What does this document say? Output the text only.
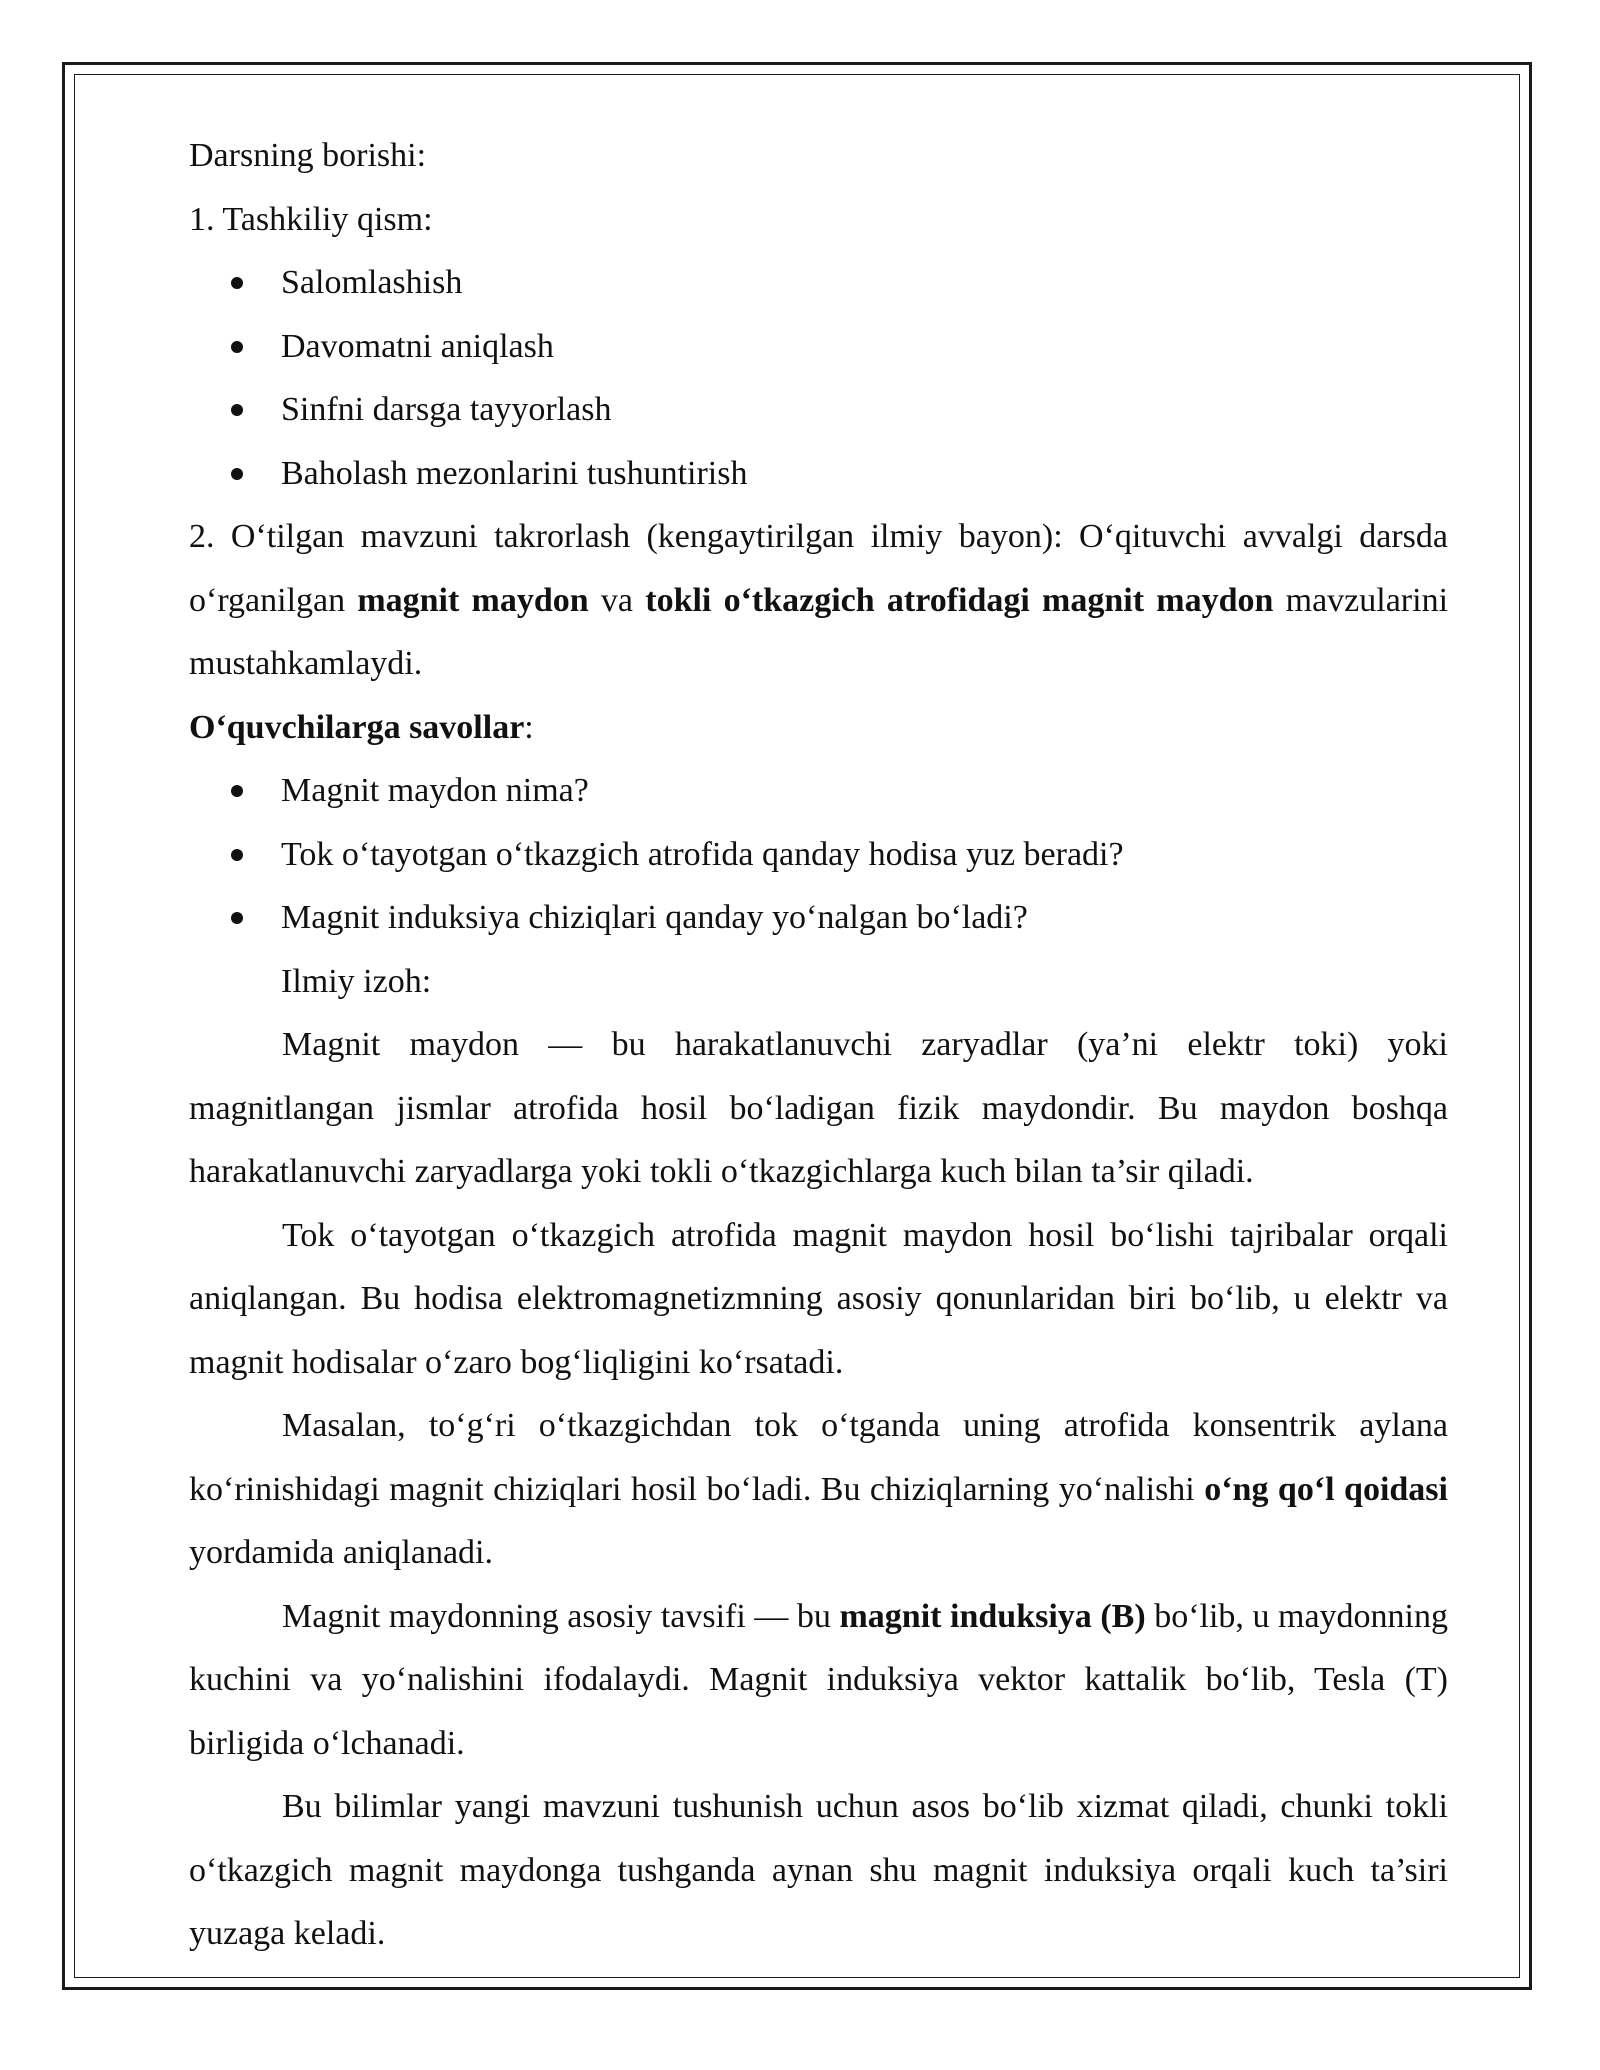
Darsning borishi:

1. Tashkiliy qism:

Salomlashish
Davomatni aniqlash
Sinfni darsga tayyorlash
Baholash mezonlarini tushuntirish

2. O‘tilgan mavzuni takrorlash (kengaytirilgan ilmiy bayon): O‘qituvchi avvalgi darsda o‘rganilgan magnit maydon va tokli o‘tkazgich atrofidagi magnit maydon mavzularini mustahkamlaydi.

O‘quvchilarga savollar:

Magnit maydon nima?
Tok o‘tayotgan o‘tkazgich atrofida qanday hodisa yuz beradi?
Magnit induksiya chiziqlari qanday yo‘nalgan bo‘ladi?

Ilmiy izoh:

Magnit maydon — bu harakatlanuvchi zaryadlar (ya’ni elektr toki) yoki magnitlangan jismlar atrofida hosil bo‘ladigan fizik maydondir. Bu maydon boshqa harakatlanuvchi zaryadlarga yoki tokli o‘tkazgichlarga kuch bilan ta’sir qiladi.

Tok o‘tayotgan o‘tkazgich atrofida magnit maydon hosil bo‘lishi tajribalar orqali aniqlangan. Bu hodisa elektromagnetizmning asosiy qonunlaridan biri bo‘lib, u elektr va magnit hodisalar o‘zaro bog‘liqligini ko‘rsatadi.

Masalan, to‘g‘ri o‘tkazgichdan tok o‘tganda uning atrofida konsentrik aylana ko‘rinishidagi magnit chiziqlari hosil bo‘ladi. Bu chiziqlarning yo‘nalishi o‘ng qo‘l qoidasi yordamida aniqlanadi.

Magnit maydonning asosiy tavsifi — bu magnit induksiya (B) bo‘lib, u maydonning kuchini va yo‘nalishini ifodalaydi. Magnit induksiya vektor kattalik bo‘lib, Tesla (T) birligida o‘lchanadi.

Bu bilimlar yangi mavzuni tushunish uchun asos bo‘lib xizmat qiladi, chunki tokli o‘tkazgich magnit maydonga tushganda aynan shu magnit induksiya orqali kuch ta’siri yuzaga keladi.
